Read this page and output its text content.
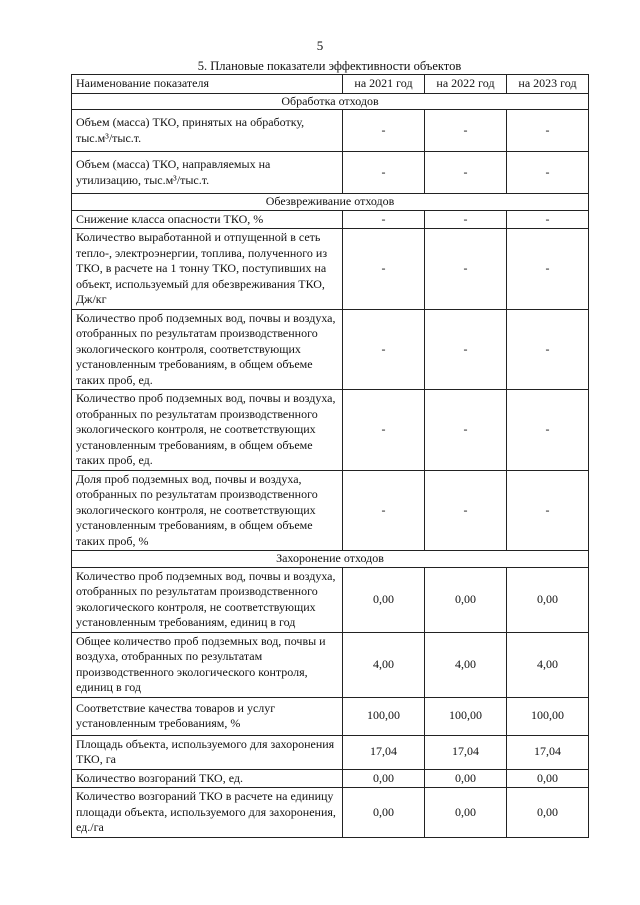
5
5. Плановые показатели эффективности объектов
Наименование показателя	на 2021 год	на 2022 год	на 2023 год
Обработка отходов			
Объем (масса) ТКО, принятых на обработку, тыс.м³/тыс.т.	-	-	-
Объем (масса) ТКО, направляемых на утилизацию, тыс.м³/тыс.т.	-	-	-
Обезвреживание отходов			
Снижение класса опасности ТКО, %	-	-	-
Количество выработанной и отпущенной в сеть тепло-, электроэнергии, топлива, полученного из ТКО, в расчете на 1 тонну ТКО, поступивших на объект, используемый для обезвреживания ТКО, Дж/кг	-	-	-
Количество проб подземных вод, почвы и воздуха, отобранных по результатам производственного экологического контроля, соответствующих установленным требованиям, в общем объеме таких проб, ед.	-	-	-
Количество проб подземных вод, почвы и воздуха, отобранных по результатам производственного экологического контроля, не соответствующих установленным требованиям, в общем объеме таких проб, ед.	-	-	-
Доля проб подземных вод, почвы и воздуха, отобранных по результатам производственного экологического контроля, не соответствующих установленным требованиям, в общем объеме таких проб, %	-	-	-
Захоронение отходов			
Количество проб подземных вод, почвы и воздуха, отобранных по результатам производственного экологического контроля, не соответствующих установленным требованиям, единиц в год	0,00	0,00	0,00
Общее количество проб подземных вод, почвы и воздуха, отобранных по результатам производственного экологического контроля, единиц в год	4,00	4,00	4,00
Соответствие качества товаров и услуг установленным требованиям, %	100,00	100,00	100,00
Площадь объекта, используемого для захоронения ТКО, га	17,04	17,04	17,04
Количество возгораний ТКО, ед.	0,00	0,00	0,00
Количество возгораний ТКО в расчете на единицу площади объекта, используемого для захоронения, ед./га	0,00	0,00	0,00
